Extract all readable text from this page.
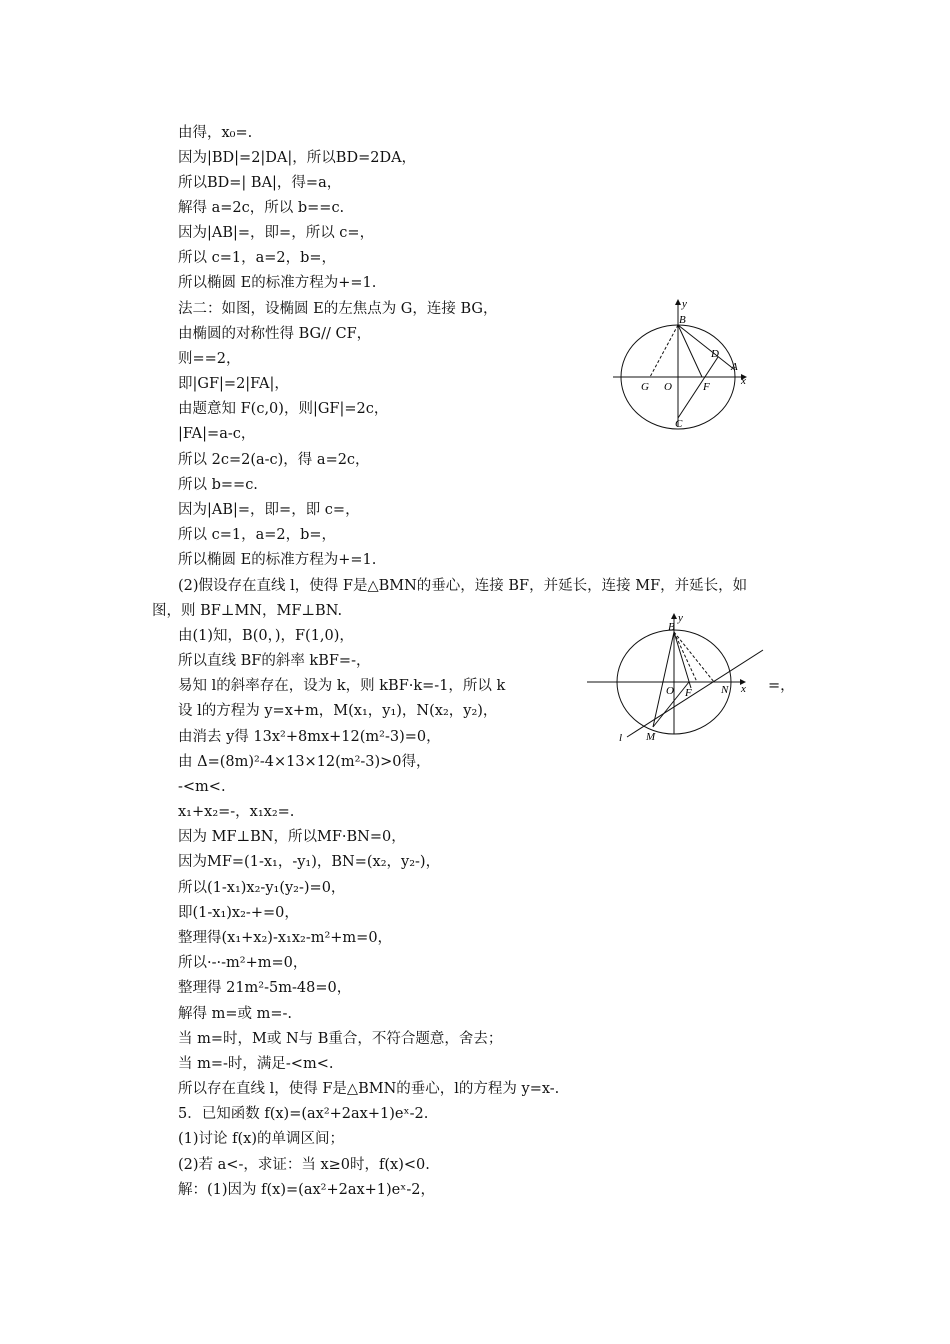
由得，x₀=.
因为|BD|=2|DA|，所以BD=2DA，
所以BD=| BA|，得=a，
解得 a=2c，所以 b==c.
因为|AB|=，即=，所以 c=，
所以 c=1，a=2，b=，
所以椭圆 E的标准方程为+=1.
法二：如图，设椭圆 E的左焦点为 G，连接 BG，
由椭圆的对称性得 BG// CF，
则==2，
即|GF|=2|FA|，
由题意知 F(c,0)，则|GF|=2c，
|FA|=a-c，
所以 2c=2(a-c)，得 a=2c，
所以 b==c.
因为|AB|=，即=，即 c=，
所以 c=1，a=2，b=，
所以椭圆 E的标准方程为+=1.
(2)假设存在直线 l，使得 F是△BMN的垂心，连接 BF，并延长，连接 MF，并延长，如
图，则 BF⊥MN，MF⊥BN.
由(1)知，B(0，)，F(1,0)，
所以直线 BF的斜率 kBF=-，
易知 l的斜率存在，设为 k，则 kBF·k=-1，所以 k	=，
设 l的方程为 y=x+m，M(x₁，y₁)，N(x₂，y₂)，
由消去 y得 13x²+8mx+12(m²-3)=0，
由 Δ=(8m)²-4×13×12(m²-3)>0得，
-<m<.
x₁+x₂=-，x₁x₂=.
因为 MF⊥BN，所以MF·BN=0，
因为MF=(1-x₁，-y₁)，BN=(x₂，y₂-)，
所以(1-x₁)x₂-y₁(y₂-)=0，
即(1-x₁)x₂-+=0，
整理得(x₁+x₂)-x₁x₂-m²+m=0，
所以·-·-m²+m=0，
整理得 21m²-5m-48=0，
解得 m=或 m=-.
当 m=时，M或 N与 B重合，不符合题意，舍去；
当 m=-时，满足-<m<.
所以存在直线 l，使得 F是△BMN的垂心，l的方程为 y=x-.
5．已知函数 f(x)=(ax²+2ax+1)eˣ-2.
(1)讨论 f(x)的单调区间；
(2)若 a<-，求证：当 x≥0时，f(x)<0.
解：(1)因为 f(x)=(ax²+2ax+1)eˣ-2，
y
x
B
D
A
G O	F
C
y
x
B
O F	N
M
l
